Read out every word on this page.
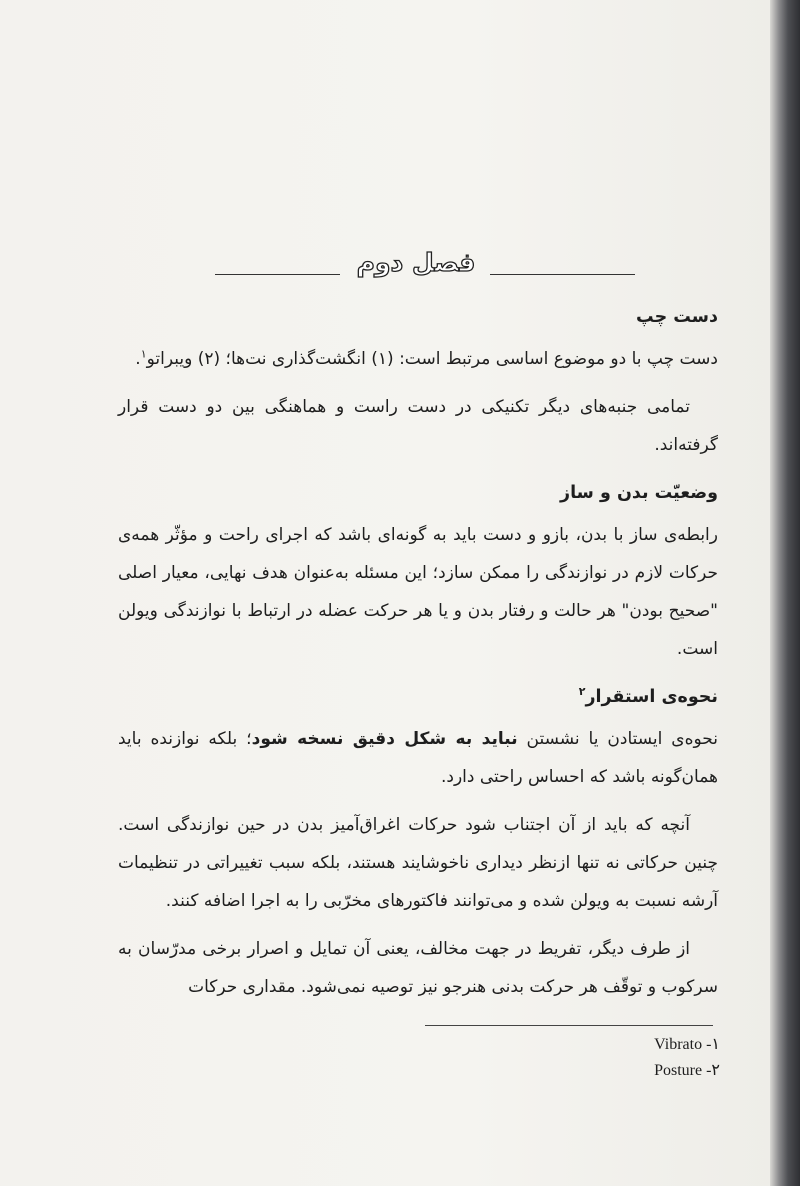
فصل دوم
دست چپ
دست چپ با دو موضوع اساسی مرتبط است: (۱) انگشت‌گذاری نت‌ها؛ (۲) ویبراتو$^۱$.
تمامی جنبه‌های دیگر تکنیکی در دست راست و هماهنگی بین دو دست قرار گرفته‌اند.
وضعیّت بدن و ساز
رابطه‌ی ساز با بدن، بازو و دست باید به گونه‌ای باشد که اجرای راحت و مؤثّر همه‌ی حرکات لازم در نوازندگی را ممکن سازد؛ این مسئله به‌عنوان هدف نهایی، معیار اصلی "صحیح بودن" هر حالت و رفتار بدن و یا هر حرکت عضله در ارتباط با نوازندگی ویولن است.
نحوه‌ی استقرار$^۲$
نحوه‌ی ایستادن یا نشستن نباید به شکل دقیق نسخه شود؛ بلکه نوازنده باید همان‌گونه باشد که احساس راحتی دارد.
آنچه که باید از آن اجتناب شود حرکات اغراق‌آمیز بدن در حین نوازندگی است. چنین حرکاتی نه تنها ازنظر دیداری ناخوشایند هستند، بلکه سبب تغییراتی در تنظیمات آرشه نسبت به ویولن شده و می‌توانند فاکتورهای مخرّبی را به اجرا اضافه کنند.
از طرف دیگر، تفریط در جهت مخالف، یعنی آن تمایل و اصرار برخی مدرّسان به سرکوب و توقّف هر حرکت بدنی هنرجو نیز توصیه نمی‌شود. مقداری حرکات
۱- Vibrato
۲- Posture
